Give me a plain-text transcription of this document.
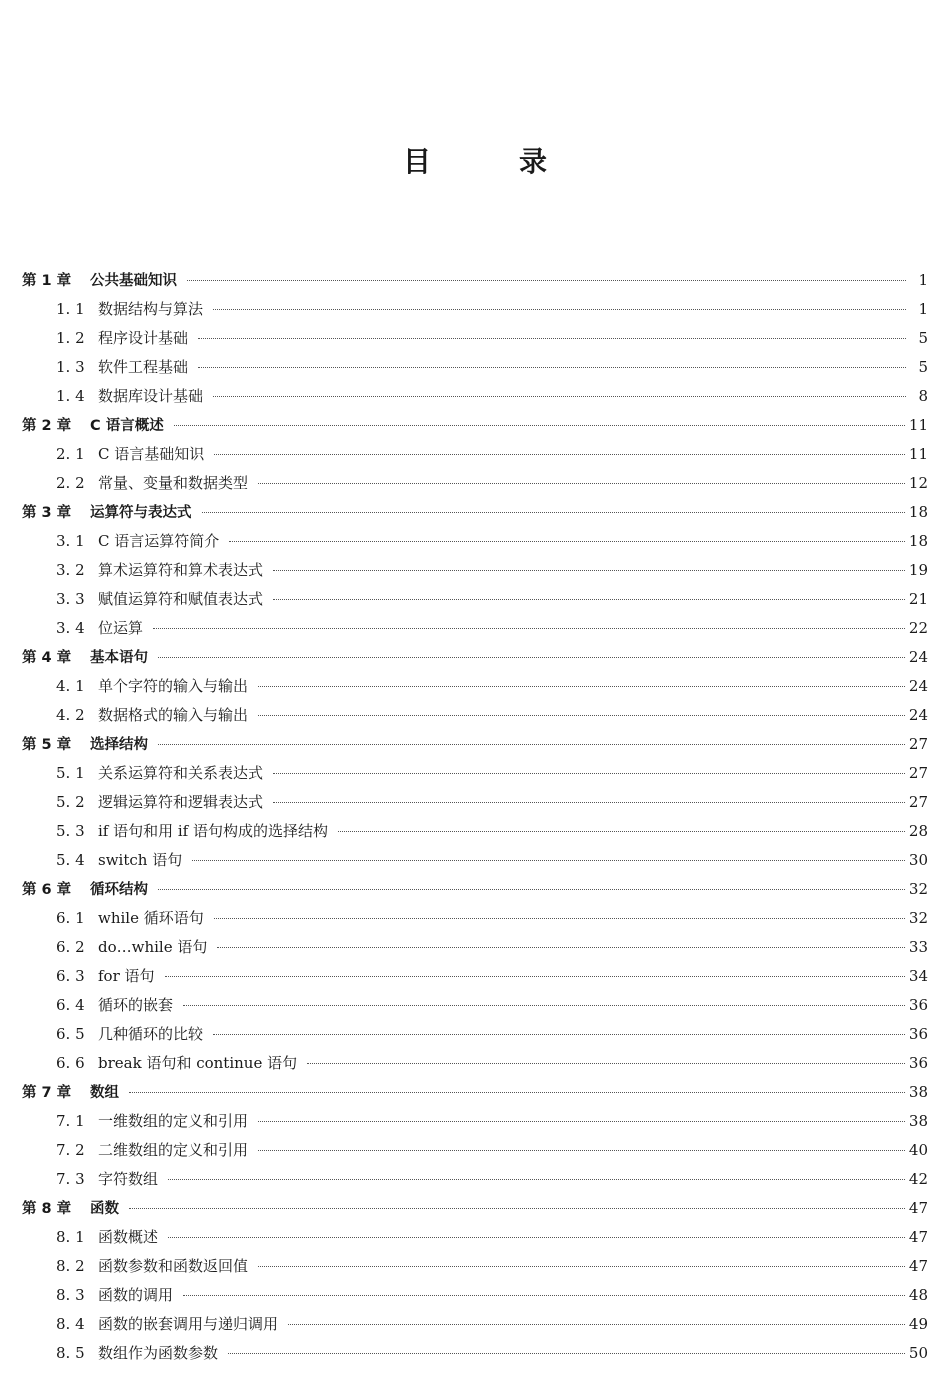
目　录
第 1 章	公共基础知识	1
1. 1 数据结构与算法	1
1. 2 程序设计基础	5
1. 3 软件工程基础	5
1. 4 数据库设计基础	8
第 2 章	C 语言概述	11
2. 1 C 语言基础知识	11
2. 2 常量、变量和数据类型	12
第 3 章	运算符与表达式	18
3. 1 C 语言运算符简介	18
3. 2 算术运算符和算术表达式	19
3. 3 赋值运算符和赋值表达式	21
3. 4 位运算	22
第 4 章	基本语句	24
4. 1 单个字符的输入与输出	24
4. 2 数据格式的输入与输出	24
第 5 章	选择结构	27
5. 1 关系运算符和关系表达式	27
5. 2 逻辑运算符和逻辑表达式	27
5. 3 if 语句和用 if 语句构成的选择结构	28
5. 4 switch 语句	30
第 6 章	循环结构	32
6. 1 while 循环语句	32
6. 2 do…while 语句	33
6. 3 for 语句	34
6. 4 循环的嵌套	36
6. 5 几种循环的比较	36
6. 6 break 语句和 continue 语句	36
第 7 章	数组	38
7. 1 一维数组的定义和引用	38
7. 2 二维数组的定义和引用	40
7. 3 字符数组	42
第 8 章	函数	47
8. 1 函数概述	47
8. 2 函数参数和函数返回值	47
8. 3 函数的调用	48
8. 4 函数的嵌套调用与递归调用	49
8. 5 数组作为函数参数	50
